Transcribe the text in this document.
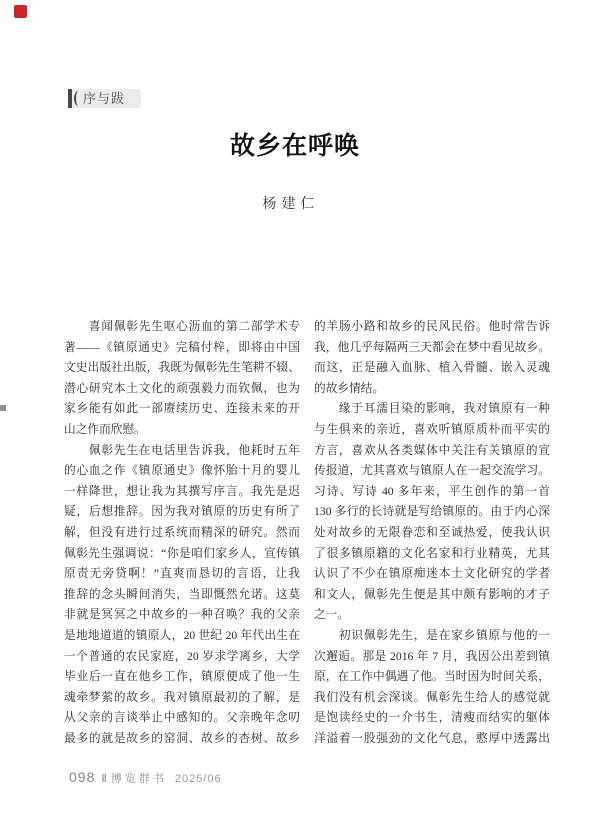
序与跋
故乡在呼唤
杨建仁
　　喜闻佩彰先生呕心沥血的第二部学术专
著——《镇原通史》完稿付梓，即将由中国
文史出版社出版，我既为佩彰先生笔耕不辍、
潜心研究本土文化的顽强毅力而钦佩，也为
家乡能有如此一部赓续历史、连接未来的开
山之作而欣慰。
　　佩彰先生在电话里告诉我，他耗时五年
的心血之作《镇原通史》像怀胎十月的婴儿
一样降世，想让我为其撰写序言。我先是迟
疑，后想推辞。因为我对镇原的历史有所了
解，但没有进行过系统而精深的研究。然而
佩彰先生强调说：“你是咱们家乡人，宣传镇
原责无旁贷啊！”直爽而恳切的言语，让我
推辞的念头瞬间消失，当即慨然允诺。这莫
非就是冥冥之中故乡的一种召唤？我的父亲
是地地道道的镇原人，20 世纪 20 年代出生在
一个普通的农民家庭，20 岁求学离乡，大学
毕业后一直在他乡工作，镇原便成了他一生
魂牵梦萦的故乡。我对镇原最初的了解，是
从父亲的言谈举止中感知的。父亲晚年念叨
最多的就是故乡的窑洞、故乡的杏树、故乡
的羊肠小路和故乡的民风民俗。他时常告诉
我，他几乎每隔两三天都会在梦中看见故乡。
而这，正是融入血脉、植入骨髓、嵌入灵魂
的故乡情结。
　　缘于耳濡目染的影响，我对镇原有一种
与生俱来的亲近，喜欢听镇原质朴而平实的
方言，喜欢从各类媒体中关注有关镇原的宣
传报道，尤其喜欢与镇原人在一起交流学习。
习诗、写诗 40 多年来，平生创作的第一首
130 多行的长诗就是写给镇原的。由于内心深
处对故乡的无限眷恋和至诚热爱，使我认识
了很多镇原籍的文化名家和行业精英，尤其
认识了不少在镇原痴迷本土文化研究的学者
和文人，佩彰先生便是其中颇有影响的才子
之一。
　　初识佩彰先生，是在家乡镇原与他的一
次邂逅。那是 2016 年 7 月，我因公出差到镇
原，在工作中偶遇了他。当时因为时间关系，
我们没有机会深谈。佩彰先生给人的感觉就
是饱读经史的一介书生，清瘦而结实的躯体
洋溢着一股强劲的文化气息，憨厚中透露出
098 ‖ 博览群书 2025/06
